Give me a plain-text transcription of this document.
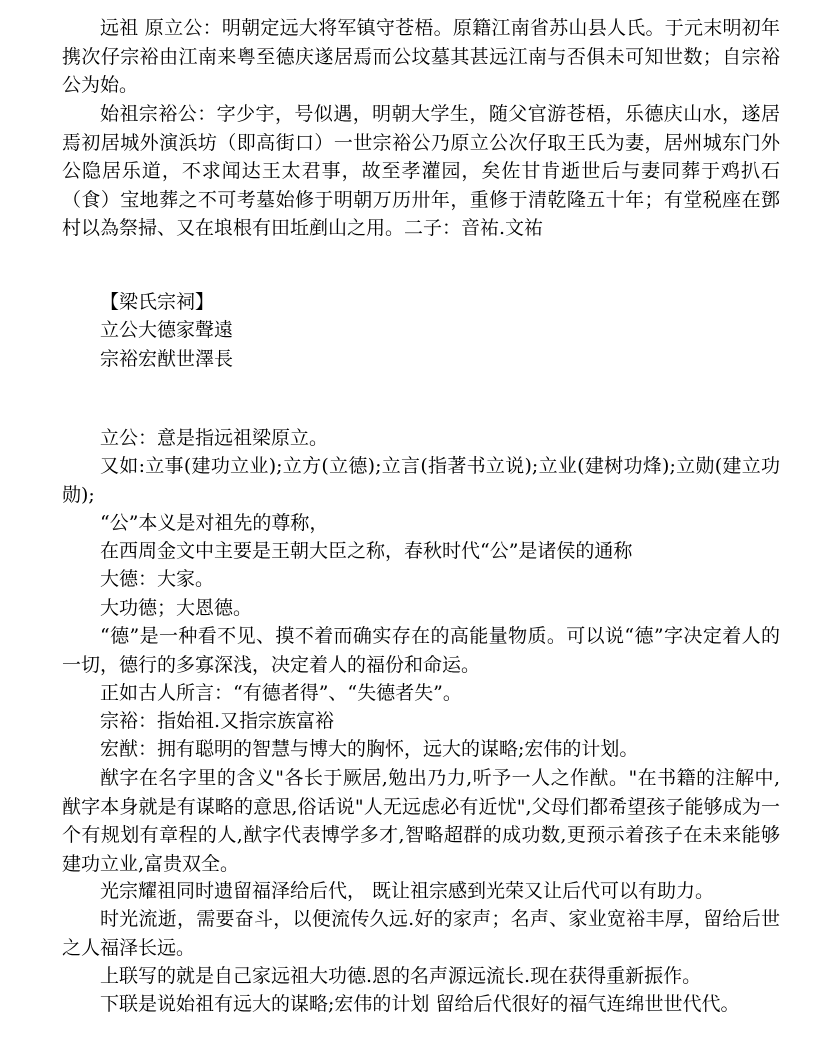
远祖 原立公：明朝定远大将军镇守苍梧。原籍江南省苏山县人氏。于元末明初年携次仔宗裕由江南来粤至德庆遂居焉而公坟墓其甚远江南与否俱未可知世数；自宗裕公为始。

始祖宗裕公：字少宇，号似遇，明朝大学生，随父官游苍梧，乐德庆山水，遂居焉初居城外演浜坊（即高街口）一世宗裕公乃原立公次仔取王氏为妻，居州城东门外公隐居乐道，不求闻达王太君事，故至孝灌园，矣佐甘肯逝世后与妻同葬于鸡扒石（食）宝地葬之不可考墓始修于明朝万历卅年，重修于清乾隆五十年；有堂税座在鄧村以為祭掃、又在埌根有田坵剷山之用。二子：音祐.文祐

【梁氏宗祠】

立公大德家聲遠

宗裕宏猷世澤長

立公：意是指远祖梁原立。

又如:立事(建功立业);立方(立德);立言(指著书立说);立业(建树功烽);立勋(建立功勋);

“公”本义是对祖先的尊称，

在西周金文中主要是王朝大臣之称，春秋时代“公”是诸侯的通称

大德：大家。

大功德；大恩德。

“德”是一种看不见、摸不着而确实存在的高能量物质。可以说“德”字决定着人的一切，德行的多寡深浅，决定着人的福份和命运。

正如古人所言：“有德者得”、“失德者失”。

宗裕：指始祖.又指宗族富裕

宏猷：拥有聪明的智慧与博大的胸怀，远大的谋略;宏伟的计划。

猷字在名字里的含义"各长于厥居,勉出乃力,听予一人之作猷。"在书籍的注解中,猷字本身就是有谋略的意思,俗话说"人无远虑必有近忧",父母们都希望孩子能够成为一个有规划有章程的人,猷字代表博学多才,智略超群的成功数,更预示着孩子在未来能够建功立业,富贵双全。

光宗耀祖同时遗留福泽给后代， 既让祖宗感到光荣又让后代可以有助力。

时光流逝，需要奋斗，以便流传久远.好的家声；名声、家业宽裕丰厚，留给后世之人福泽长远。

上联写的就是自己家远祖大功德.恩的名声源远流长.现在获得重新振作。

下联是说始祖有远大的谋略;宏伟的计划 留给后代很好的福气连绵世世代代。
